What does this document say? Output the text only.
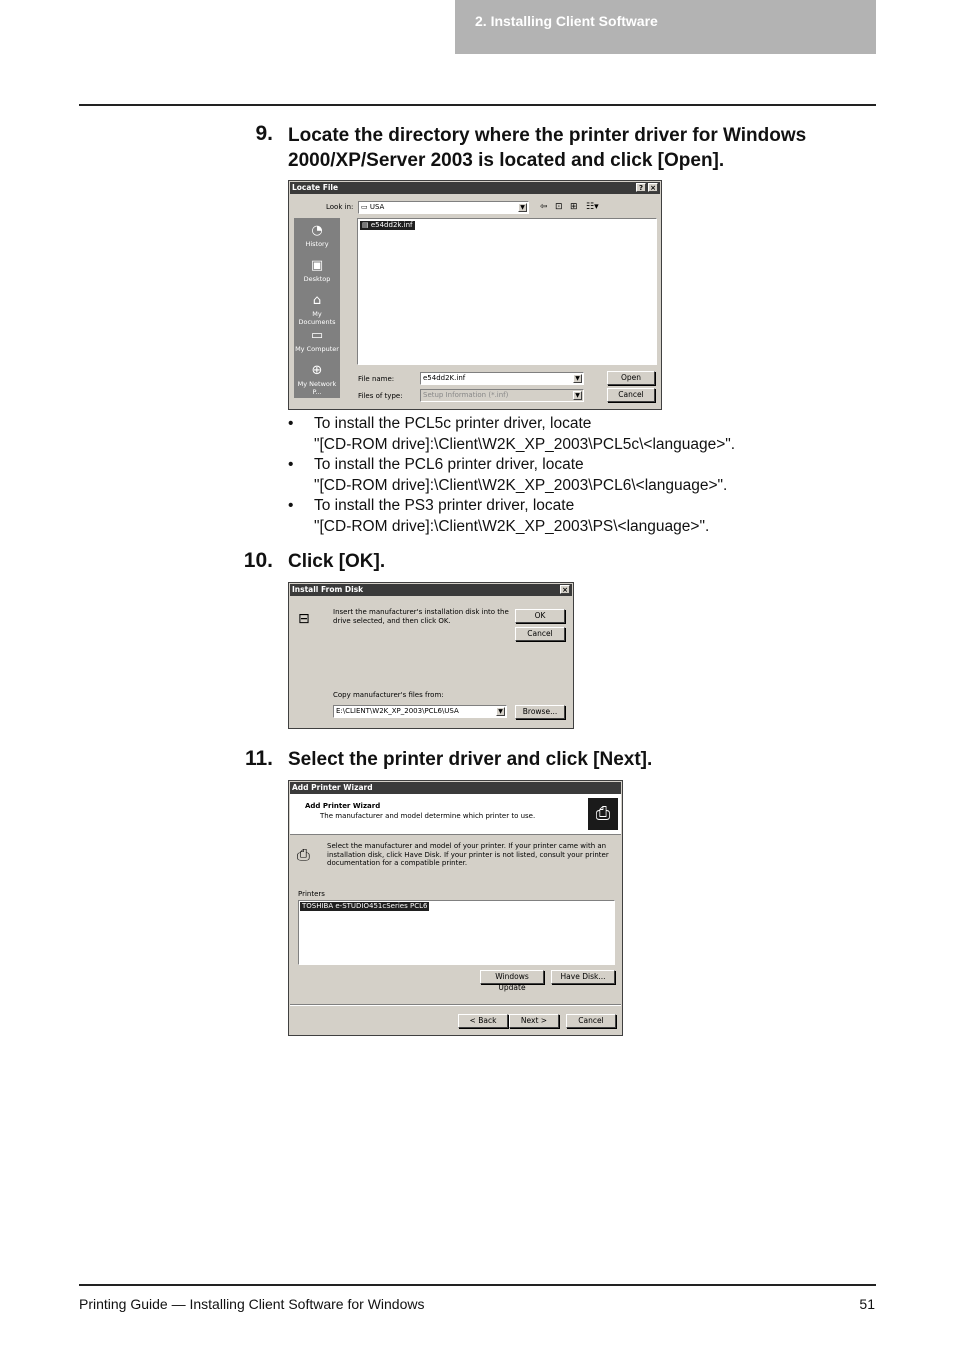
2. Installing Client Software
9. Locate the directory where the printer driver for Windows 2000/XP/Server 2003 is located and click [Open].
Locate File	?	×
Look in:	▭ USA	▼ ⇦ ⊡ ⊞ ☷▾
◔
History
▣
Desktop
⌂
My Documents
▭
My Computer
⊕
My Network P...
▤ e54dd2k.inf
File name:	e54dd2K.inf	▼
Files of type:	Setup Information (*.inf)	▼
Open
Cancel
• To install the PCL5c printer driver, locate
"[CD-ROM drive]:\Client\W2K_XP_2003\PCL5c\<language>".
• To install the PCL6 printer driver, locate
"[CD-ROM drive]:\Client\W2K_XP_2003\PCL6\<language>".
• To install the PS3 printer driver, locate
"[CD-ROM drive]:\Client\W2K_XP_2003\PS\<language>".
10. Click [OK].
Install From Disk	×
⊟	Insert the manufacturer's installation disk into the drive selected, and then click OK.
OK
Cancel
Copy manufacturer's files from:
E:\CLIENT\W2K_XP_2003\PCL6\USA	▼	Browse...
11. Select the printer driver and click [Next].
Add Printer Wizard
Add Printer Wizard
The manufacturer and model determine which printer to use.	⎙
⎙ Select the manufacturer and model of your printer. If your printer came with an installation disk, click Have Disk. If your printer is not listed, consult your printer documentation for a compatible printer.
Printers
TOSHIBA e-STUDIO451cSeries PCL6
Windows Update
Have Disk...
< Back	Next >	Cancel
Printing Guide — Installing Client Software for Windows	51
